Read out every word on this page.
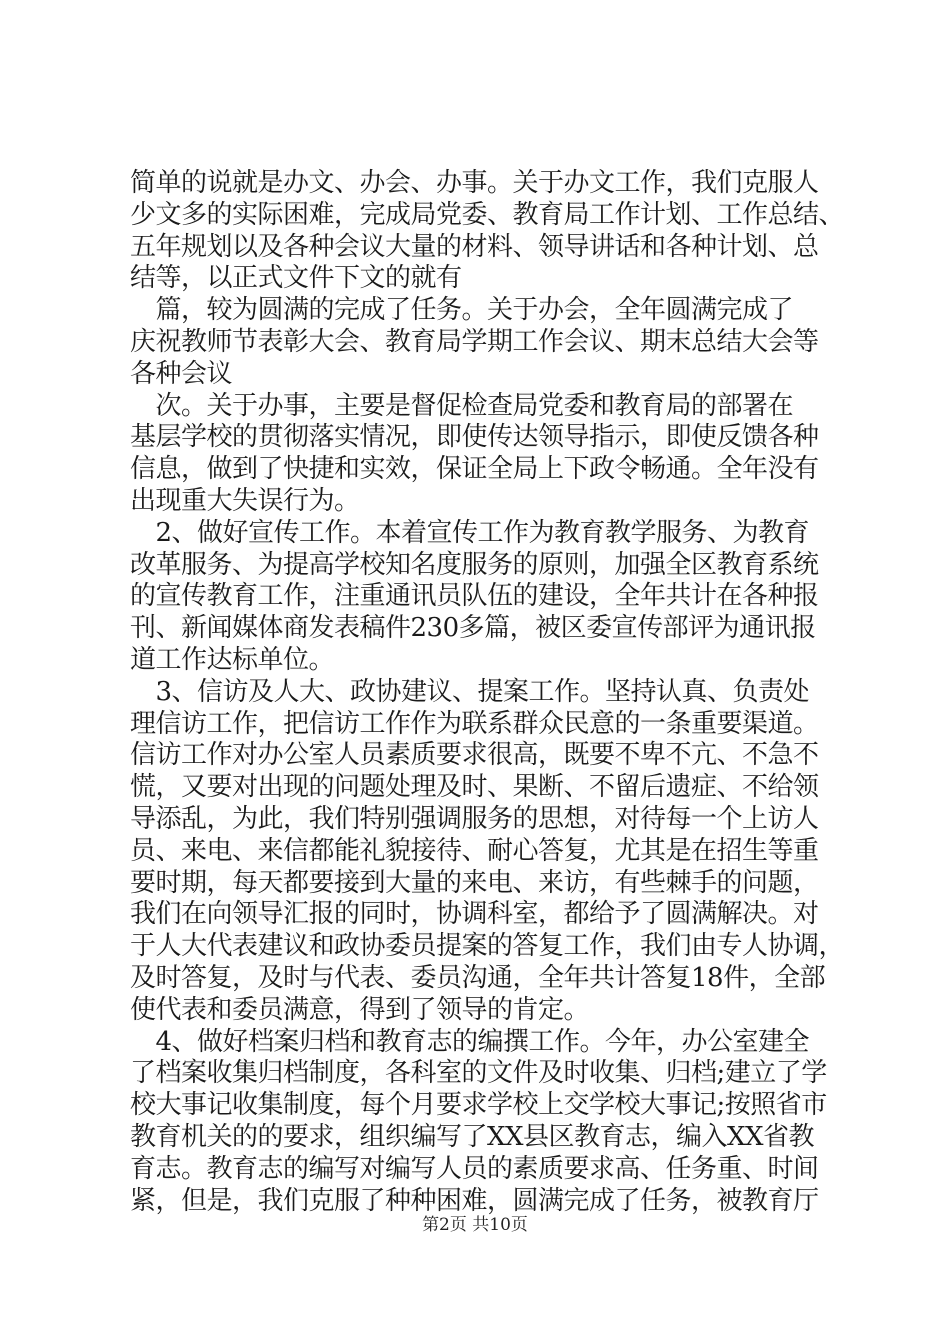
简单的说就是办文、办会、办事。关于办文工作，我们克服人
少文多的实际困难，完成局党委、教育局工作计划、工作总结、
五年规划以及各种会议大量的材料、领导讲话和各种计划、总
结等，以正式文件下文的就有
　篇，较为圆满的完成了任务。关于办会，全年圆满完成了
庆祝教师节表彰大会、教育局学期工作会议、期末总结大会等
各种会议
　次。关于办事，主要是督促检查局党委和教育局的部署在
基层学校的贯彻落实情况，即使传达领导指示，即使反馈各种
信息，做到了快捷和实效，保证全局上下政令畅通。全年没有
出现重大失误行为。
　2、做好宣传工作。本着宣传工作为教育教学服务、为教育
改革服务、为提高学校知名度服务的原则，加强全区教育系统
的宣传教育工作，注重通讯员队伍的建设，全年共计在各种报
刊、新闻媒体商发表稿件230多篇，被区委宣传部评为通讯报
道工作达标单位。
　3、信访及人大、政协建议、提案工作。坚持认真、负责处
理信访工作，把信访工作作为联系群众民意的一条重要渠道。
信访工作对办公室人员素质要求很高，既要不卑不亢、不急不
慌，又要对出现的问题处理及时、果断、不留后遗症、不给领
导添乱，为此，我们特别强调服务的思想，对待每一个上访人
员、来电、来信都能礼貌接待、耐心答复，尤其是在招生等重
要时期，每天都要接到大量的来电、来访，有些棘手的问题，
我们在向领导汇报的同时，协调科室，都给予了圆满解决。对
于人大代表建议和政协委员提案的答复工作，我们由专人协调，
及时答复，及时与代表、委员沟通，全年共计答复18件，全部
使代表和委员满意，得到了领导的肯定。
　4、做好档案归档和教育志的编撰工作。今年，办公室建全
了档案收集归档制度，各科室的文件及时收集、归档;建立了学
校大事记收集制度，每个月要求学校上交学校大事记;按照省市
教育机关的的要求，组织编写了XX县区教育志，编入XX省教
育志。教育志的编写对编写人员的素质要求高、任务重、时间
紧，但是，我们克服了种种困难，圆满完成了任务，被教育厅
第2页 共10页
